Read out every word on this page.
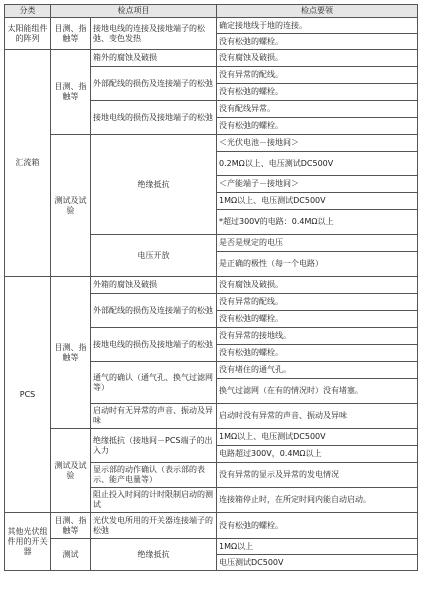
分类	检点项目		检点要领
太阳能组件的阵列	目测、指触等	接地电线的连接及接地端子的松弛、变色发热	确定接地线于地的连接。
			没有松弛的螺栓。
汇流箱	目测、指触等	箱外的腐蚀及破损	没有腐蚀及破损。
		外部配线的损伤及连接端子的松弛	没有异常的配线。
			没有松弛的螺栓。
		接地电线的损伤及接地端子的松弛	没有配线异常。
			没有松弛的螺栓。
	测试及试验	绝缘抵抗	＜光伏电池－接地间＞
			0.2MΩ以上、电压测试DC500V
			＜产能端子－接地间＞
			1MΩ以上、电压测试DC500V
			*超过300V的电路：0.4MΩ以上
		电压开放	是否是规定的电压
			是正确的极性（每一个电路）
PCS	目测、指触等	外箱的腐蚀及破损	没有腐蚀及破损。
		外部配线的损伤及连接端子的松弛	没有异常的配线。
			没有松弛的螺栓。
		接地电线的损伤及接地端子的松弛	没有异常的接地线。
			没有松弛的螺栓。
		通气的确认（通气孔、换气过滤网等）	没有堵住的通气孔。
			换气过滤网（在有的情况时）没有堵塞。
		启动时有无异常的声音、振动及异味	启动时没有异常的声音、振动及异味
	测试及试验	绝缘抵抗（接地间－PCS端子的出入力	1MΩ以上、电压测试DC500V
			电路超过300V，0.4MΩ以上
		显示部的动作确认（表示部的表示、能产电量等）	没有异常的显示及异常的发电情况
		阻止投入时间的计时限制启动的测试	连接箱停止时，在所定时间内能自动启动。
其他光伏组件用的开关器	目测、指触等	光伏发电所用的开关器连接端子的松弛	没有松弛的螺栓。
	测试	绝缘抵抗	1MΩ以上
			电压测试DC500V
